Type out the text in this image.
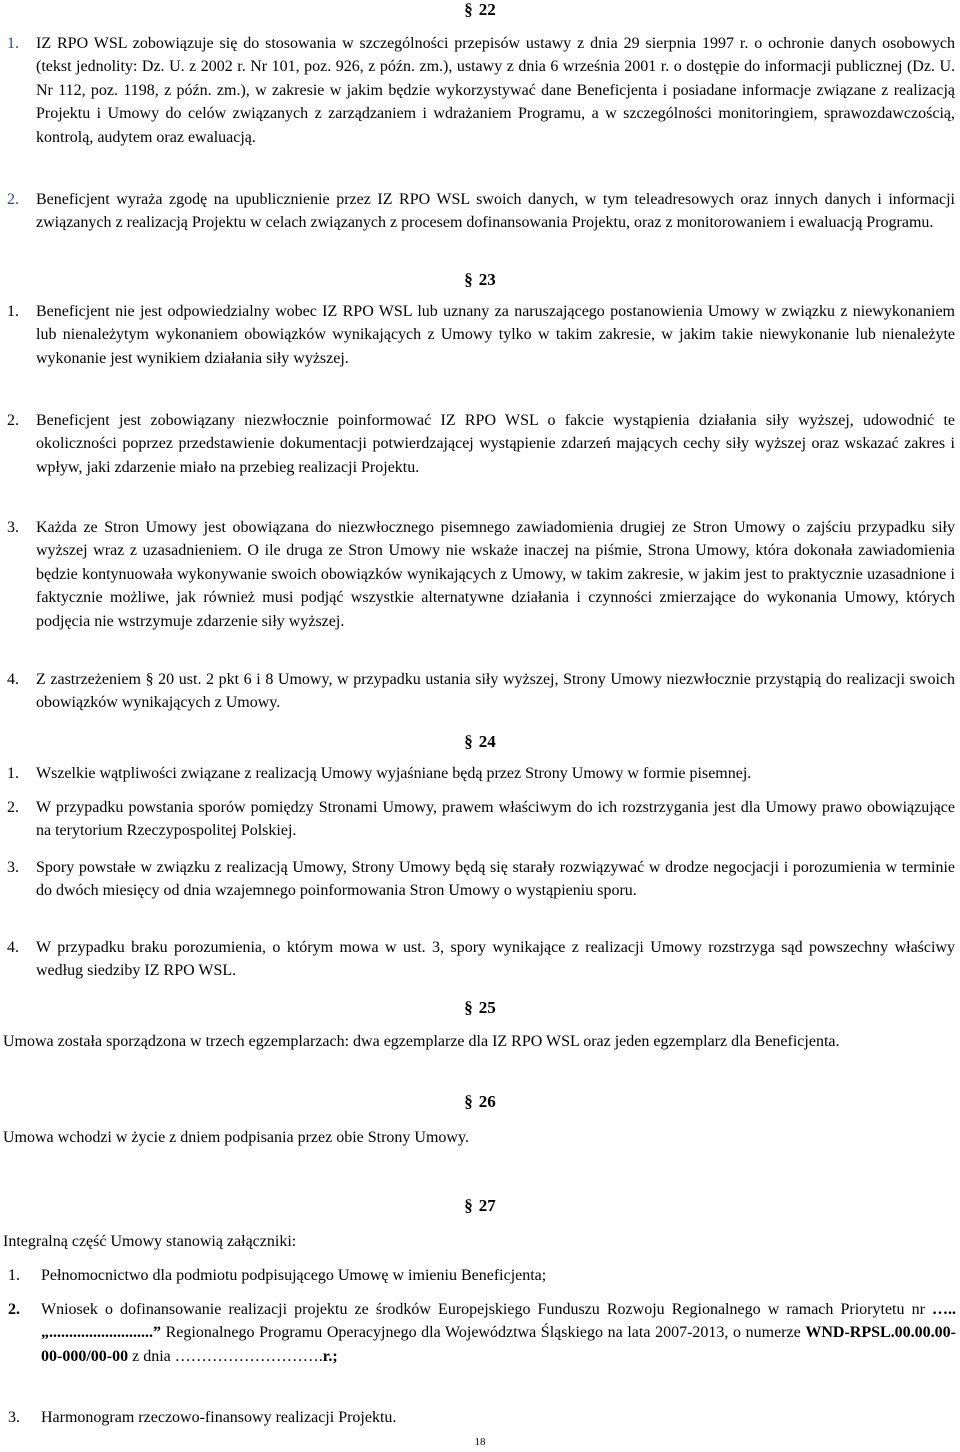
§ 22
1. IZ RPO WSL zobowiązuje się do stosowania w szczególności przepisów ustawy z dnia 29 sierpnia 1997 r. o ochronie danych osobowych (tekst jednolity: Dz. U. z 2002 r. Nr 101, poz. 926, z późn. zm.), ustawy z dnia 6 września 2001 r. o dostępie do informacji publicznej (Dz. U. Nr 112, poz. 1198, z późn. zm.), w zakresie w jakim będzie wykorzystywać dane Beneficjenta i posiadane informacje związane z realizacją Projektu i Umowy do celów związanych z zarządzaniem i wdrażaniem Programu, a w szczególności monitoringiem, sprawozdawczością, kontrolą, audytem oraz ewaluacją.
2. Beneficjent wyraża zgodę na upublicznienie przez IZ RPO WSL swoich danych, w tym teleadresowych oraz innych danych i informacji związanych z realizacją Projektu w celach związanych z procesem dofinansowania Projektu, oraz z monitorowaniem i ewaluacją Programu.
§ 23
1. Beneficjent nie jest odpowiedzialny wobec IZ RPO WSL lub uznany za naruszającego postanowienia Umowy w związku z niewykonaniem lub nienależytym wykonaniem obowiązków wynikających z Umowy tylko w takim zakresie, w jakim takie niewykonanie lub nienależyte wykonanie jest wynikiem działania siły wyższej.
2. Beneficjent jest zobowiązany niezwłocznie poinformować IZ RPO WSL o fakcie wystąpienia działania siły wyższej, udowodnić te okoliczności poprzez przedstawienie dokumentacji potwierdzającej wystąpienie zdarzeń mających cechy siły wyższej oraz wskazać zakres i wpływ, jaki zdarzenie miało na przebieg realizacji Projektu.
3. Każda ze Stron Umowy jest obowiązana do niezwłocznego pisemnego zawiadomienia drugiej ze Stron Umowy o zajściu przypadku siły wyższej wraz z uzasadnieniem. O ile druga ze Stron Umowy nie wskaże inaczej na piśmie, Strona Umowy, która dokonała zawiadomienia będzie kontynuowała wykonywanie swoich obowiązków wynikających z Umowy, w takim zakresie, w jakim jest to praktycznie uzasadnione i faktycznie możliwe, jak również musi podjąć wszystkie alternatywne działania i czynności zmierzające do wykonania Umowy, których podjęcia nie wstrzymuje zdarzenie siły wyższej.
4. Z zastrzeżeniem § 20 ust. 2 pkt 6 i 8 Umowy, w przypadku ustania siły wyższej, Strony Umowy niezwłocznie przystąpią do realizacji swoich obowiązków wynikających z Umowy.
§ 24
1. Wszelkie wątpliwości związane z realizacją Umowy wyjaśniane będą przez Strony Umowy w formie pisemnej.
2. W przypadku powstania sporów pomiędzy Stronami Umowy, prawem właściwym do ich rozstrzygania jest dla Umowy prawo obowiązujące na terytorium Rzeczypospolitej Polskiej.
3. Spory powstałe w związku z realizacją Umowy, Strony Umowy będą się starały rozwiązywać w drodze negocjacji i porozumienia w terminie do dwóch miesięcy od dnia wzajemnego poinformowania Stron Umowy o wystąpieniu sporu.
4. W przypadku braku porozumienia, o którym mowa w ust. 3, spory wynikające z realizacji Umowy rozstrzyga sąd powszechny właściwy według siedziby IZ RPO WSL.
§ 25
Umowa została sporządzona w trzech egzemplarzach: dwa egzemplarze dla IZ RPO WSL oraz jeden egzemplarz dla Beneficjenta.
§ 26
Umowa wchodzi w życie z dniem podpisania przez obie Strony Umowy.
§ 27
Integralną część Umowy stanowią załączniki:
1. Pełnomocnictwo dla podmiotu podpisującego Umowę w imieniu Beneficjenta;
2. Wniosek o dofinansowanie realizacji projektu ze środków Europejskiego Funduszu Rozwoju Regionalnego w ramach Priorytetu nr ….. „..........................” Regionalnego Programu Operacyjnego dla Województwa Śląskiego na lata 2007-2013, o numerze WND-RPSL.00.00.00-00-000/00-00 z dnia ……………………….r.;
3. Harmonogram rzeczowo-finansowy realizacji Projektu.
18
